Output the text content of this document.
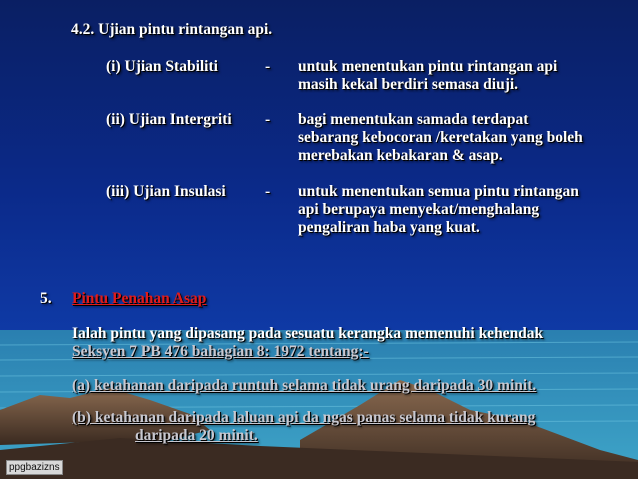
4.2. Ujian pintu rintangan api.
(i) Ujian Stabiliti	- untuk menentukan pintu rintangan api
masih kekal berdiri semasa diuji.
(ii) Ujian Intergriti - bagi menentukan samada terdapat
sebarang kebocoran /keretakan yang boleh
merebakan kebakaran & asap.
(iii) Ujian Insulasi	- untuk menentukan semua pintu rintangan
api berupaya menyekat/menghalang
pengaliran haba yang kuat.
5. Pintu Penahan Asap
Ialah pintu yang dipasang pada sesuatu kerangka memenuhi kehendak
Seksyen 7 PB 476 bahagian 8: 1972 tentang:-
(a) ketahanan daripada runtuh selama tidak urang daripada 30 minit.
(b) ketahanan daripada laluan api da ngas panas selama tidak kurang
daripada 20 minit.
ppgbazizns
